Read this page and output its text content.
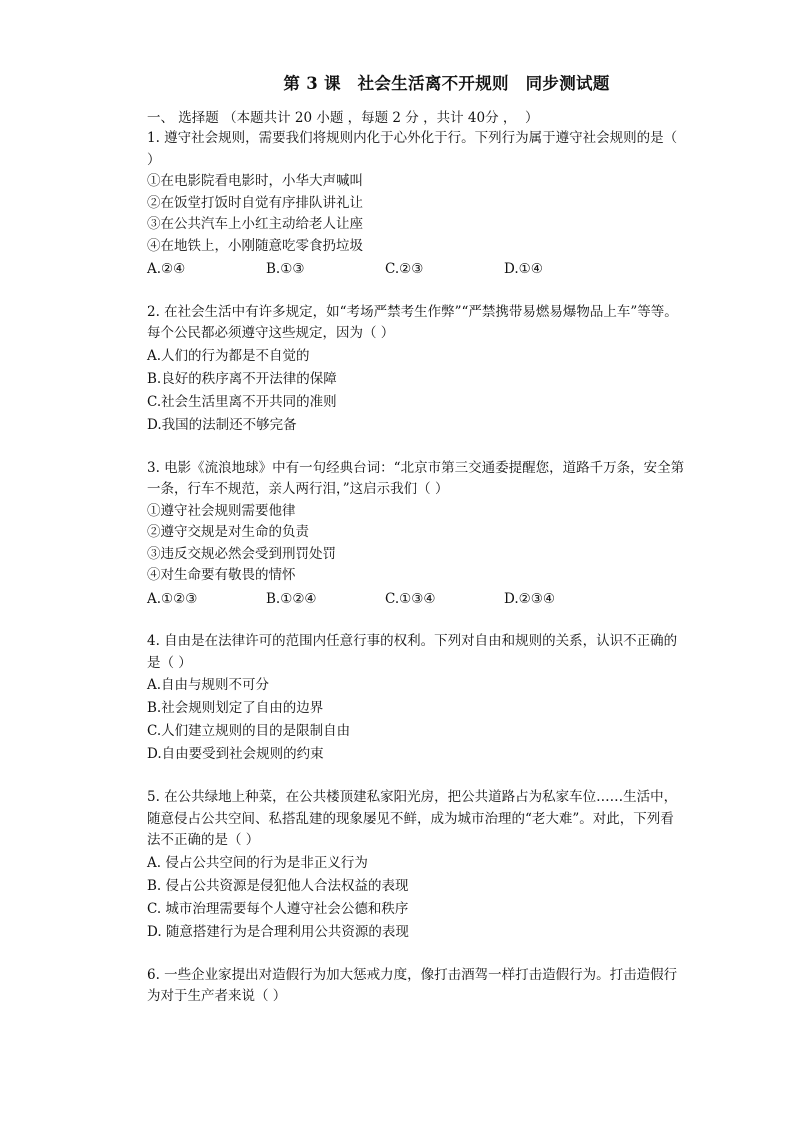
第 3 课　社会生活离不开规则　同步测试题
一、 选择题 （本题共计 20 小题 ，每题 2 分 ，共计 40分 ，  ）

1. 遵守社会规则，需要我们将规则内化于心外化于行。下列行为属于遵守社会规则的是（ ）

①在电影院看电影时，小华大声喊叫

②在饭堂打饭时自觉有序排队讲礼让

③在公共汽车上小红主动给老人让座

④在地铁上，小刚随意吃零食扔垃圾

A.②④	B.①③	C.②③	D.①④

2. 在社会生活中有许多规定，如“考场严禁考生作弊”“严禁携带易燃易爆物品上车”等等。每个公民都必须遵守这些规定，因为（ ）

A.人们的行为都是不自觉的

B.良好的秩序离不开法律的保障

C.社会生活里离不开共同的准则

D.我国的法制还不够完备

3. 电影《流浪地球》中有一句经典台词：“北京市第三交通委提醒您，道路千万条，安全第一条，行车不规范，亲人两行泪，”这启示我们（ ）

①遵守社会规则需要他律

②遵守交规是对生命的负责

③违反交规必然会受到刑罚处罚

④对生命要有敬畏的情怀

A.①②③	B.①②④	C.①③④	D.②③④

4. 自由是在法律许可的范围内任意行事的权利。下列对自由和规则的关系，认识不正确的是（ ）

A.自由与规则不可分

B.社会规则划定了自由的边界

C.人们建立规则的目的是限制自由

D.自由要受到社会规则的约束

5. 在公共绿地上种菜，在公共楼顶建私家阳光房，把公共道路占为私家车位……生活中，随意侵占公共空间、私搭乱建的现象屡见不鲜，成为城市治理的“老大难”。对此，下列看法不正确的是（ ）

A. 侵占公共空间的行为是非正义行为

B. 侵占公共资源是侵犯他人合法权益的表现

C. 城市治理需要每个人遵守社会公德和秩序

D. 随意搭建行为是合理利用公共资源的表现

6. 一些企业家提出对造假行为加大惩戒力度，像打击酒驾一样打击造假行为。打击造假行为对于生产者来说（ ）
